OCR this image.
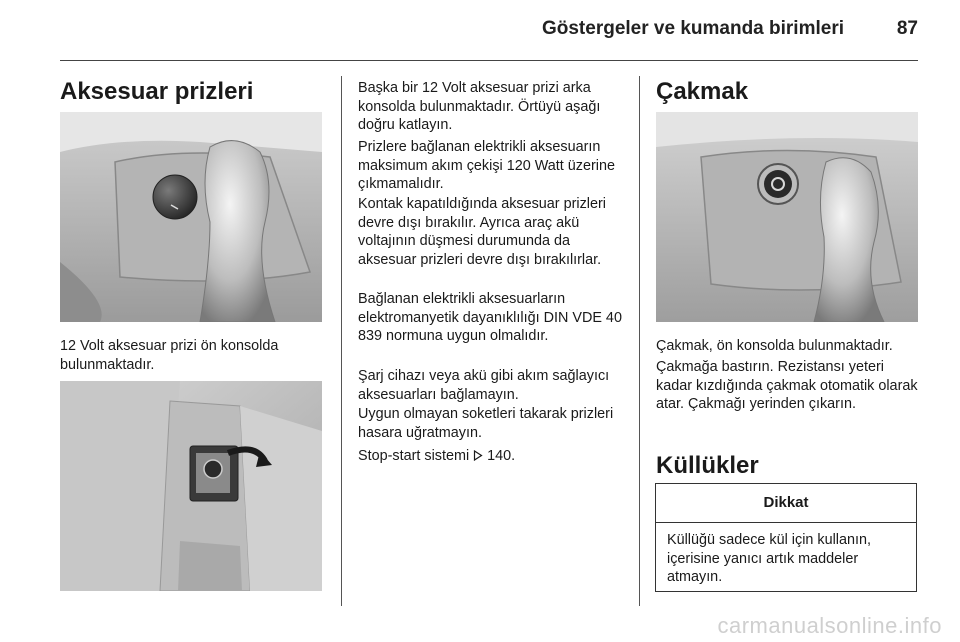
Göstergeler ve kumanda birimleri	87
Aksesuar prizleri

12 Volt aksesuar prizi ön konsolda bulunmaktadır.

Başka bir 12 Volt aksesuar prizi arka konsolda bulunmaktadır. Örtüyü aşağı doğru katlayın.

Prizlere bağlanan elektrikli aksesuarın maksimum akım çekişi 120 Watt üzerine çıkmamalıdır.

Kontak kapatıldığında aksesuar prizleri devre dışı bırakılır. Ayrıca araç akü voltajının düşmesi durumunda da aksesuar prizleri devre dışı bırakılırlar.

Bağlanan elektrikli aksesuarların elektromanyetik dayanıklılığı DIN VDE 40 839 normuna uygun olmalıdır.

Şarj cihazı veya akü gibi akım sağlayıcı aksesuarları bağlamayın.

Uygun olmayan soketleri takarak prizleri hasara uğratmayın.

Stop-start sistemi 140.

Çakmak

Çakmak, ön konsolda bulunmaktadır.

Çakmağa bastırın. Rezistansı yeteri kadar kızdığında çakmak otomatik olarak atar. Çakmağı yerinden çıkarın.

Küllükler
Dikkat

Küllüğü sadece kül için kullanın, içerisine yanıcı artık maddeler atmayın.

carmanualsonline.info
